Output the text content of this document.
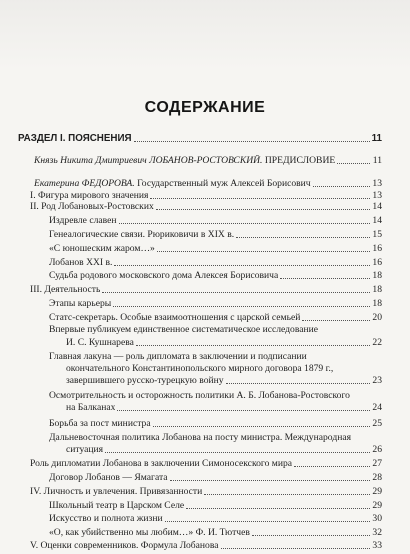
СОДЕРЖАНИЕ
РАЗДЕЛ I. ПОЯСНЕНИЯ	11
Князь Никита Дмитриевич ЛОБАНОВ-РОСТОВСКИЙ. ПРЕДИСЛОВИЕ	11
Екатерина ФЕДОРОВА. Государственный муж Алексей Борисович	13
I. Фигура мирового значения	13
II. Род Лобановых-Ростовских	14
Издревле славен	14
Генеалогические связи. Рюриковичи в XIX в.	15
«С юношеским жаром…»	16
Лобанов XXI в.	16
Судьба родового московского дома Алексея Борисовича	18
III. Деятельность	18
Этапы карьеры	18
Статс-секретарь. Особые взаимоотношения с царской семьей	20
Впервые публикуем единственное систематическое исследование
И. С. Кушнарева	22
Главная лакуна — роль дипломата в заключении и подписании
окончательного Константинопольского мирного договора 1879 г.,
завершившего русско-турецкую войну	23
Осмотрительность и осторожность политики А. Б. Лобанова-Ростовского
на Балканах	24
Борьба за пост министра	25
Дальневосточная политика Лобанова на посту министра. Международная
ситуация	26
Роль дипломатии Лобанова в заключении Симоносекского мира	27
Договор Лобанов — Ямагата	28
IV. Личность и увлечения. Привязанности	29
Школьный театр в Царском Селе	29
Искусство и полнота жизни	30
«О, как убийственно мы любим…» Ф. И. Тютчев	32
V. Оценки современников. Формула Лобанова	33
